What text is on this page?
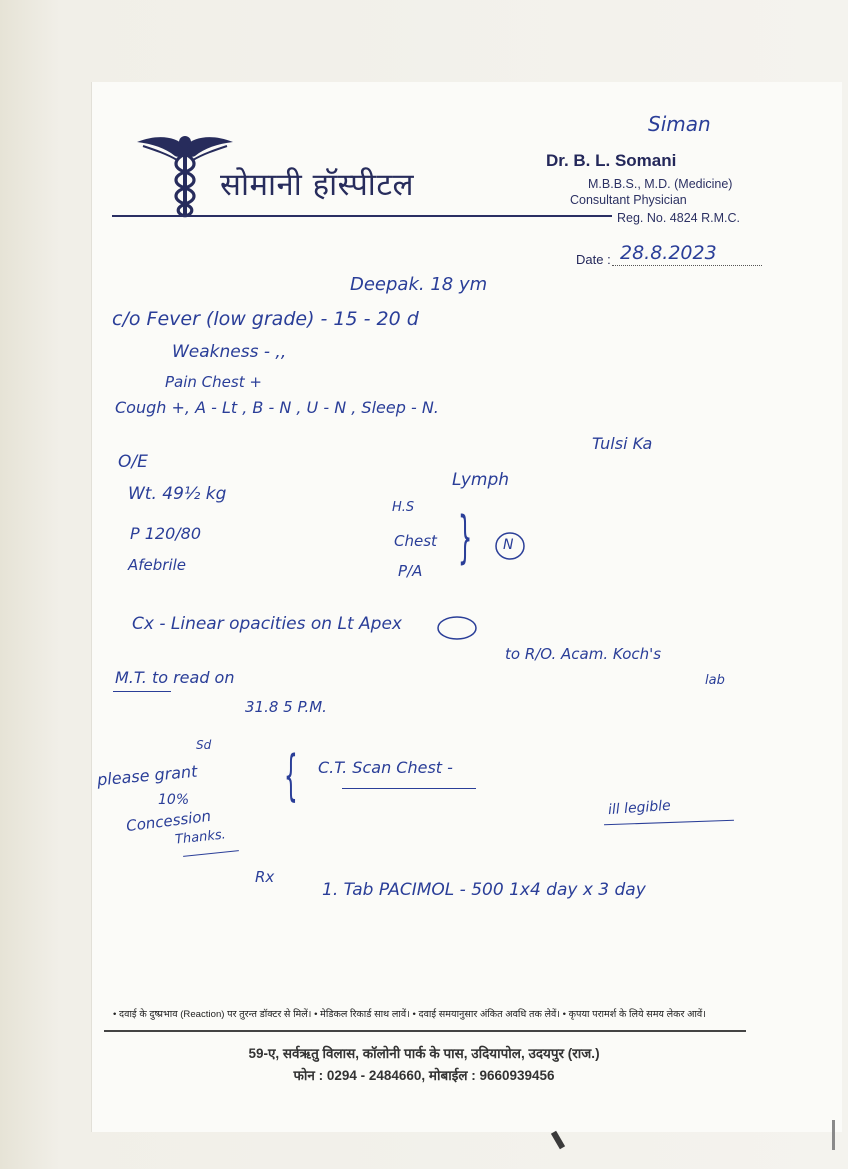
सोमानी हॉस्पीटल
Dr. B. L. Somani
M.B.B.S., M.D. (Medicine)
Consultant Physician
Reg. No. 4824 R.M.C.
Siman
Date : 28.8.2023
Deepak. 18 ym
c/o Fever (low grade) - 15 - 20 d
Weakness - ,,
Pain Chest +
Cough +, A - Lt , B - N , U - N , Sleep - N.
Tulsi Ka
O/E
Wt. 49½ kg
P 120/80
Afebrile
Lymph
H.S
Chest
P/A
} N
Cx - Linear opacities on Lt Apex
to R/O. Acam. Koch's
lab
M.T. to read on
31.8 5 P.M.
Sd
please grant
10%
Concession
Thanks.
{ C.T. Scan Chest -
ill legible
Rx
1. Tab PACIMOL - 500 1x4 day x 3 day
• दवाई के दुष्प्रभाव (Reaction) पर तुरन्त डॉक्टर से मिलें। • मेडिकल रिकार्ड साथ लावें। • दवाई समयानुसार अंकित अवधि तक लेवें। • कृपया परामर्श के लिये समय लेकर आवें।
59-ए, सर्वऋतु विलास, कॉलोनी पार्क के पास, उदियापोल, उदयपुर (राज.)
फोन : 0294 - 2484660, मोबाईल : 9660939456
